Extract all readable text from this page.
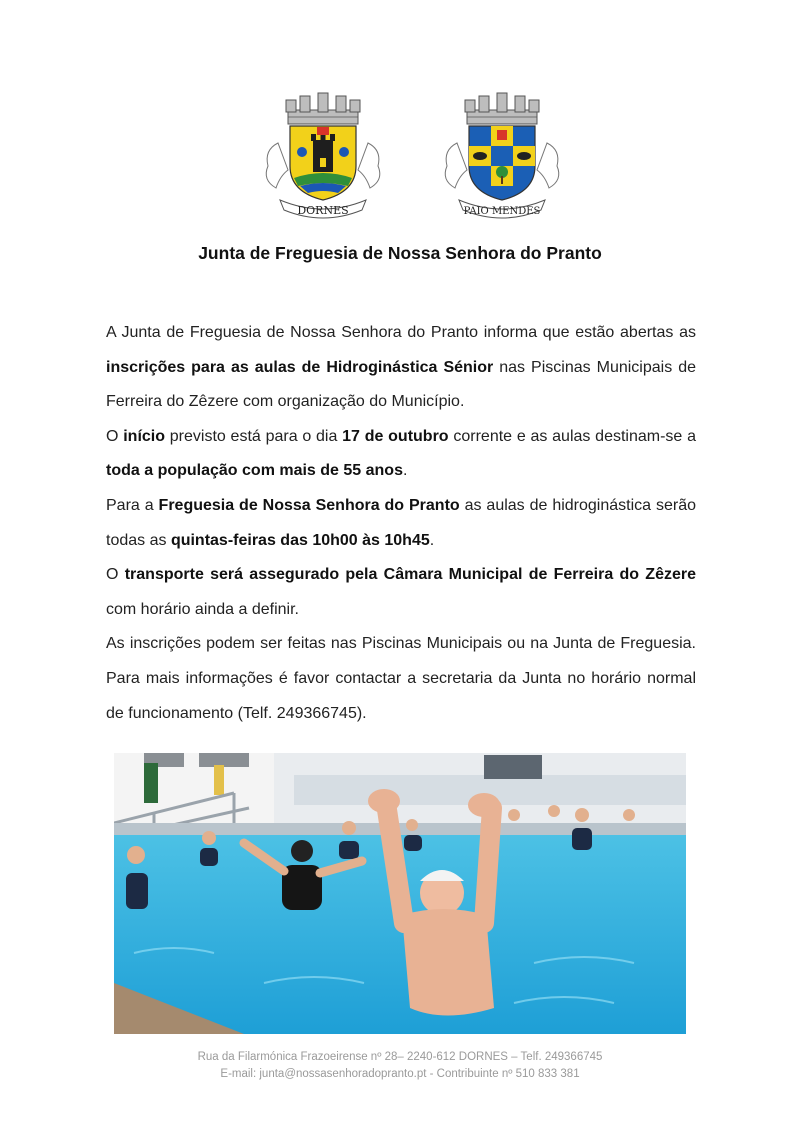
DORNES	PAIO MENDES
Junta de Freguesia de Nossa Senhora do Pranto

A Junta de Freguesia de Nossa Senhora do Pranto informa que estão abertas as inscrições para as aulas de Hidroginástica Sénior nas Piscinas Municipais de Ferreira do Zêzere com organização do Município.

O início previsto está para o dia 17 de outubro corrente e as aulas destinam-se a toda a população com mais de 55 anos.

Para a Freguesia de Nossa Senhora do Pranto as aulas de hidroginástica serão todas as quintas-feiras das 10h00 às 10h45.

O transporte será assegurado pela Câmara Municipal de Ferreira do Zêzere com horário ainda a definir.

As inscrições podem ser feitas nas Piscinas Municipais ou na Junta de Freguesia. Para mais informações é favor contactar a secretaria da Junta no horário normal de funcionamento (Telf. 249366745).

Rua da Filarmónica Frazoeirense nº 28– 2240-612 DORNES – Telf. 249366745
E-mail: junta@nossasenhoradopranto.pt - Contribuinte nº 510 833 381
